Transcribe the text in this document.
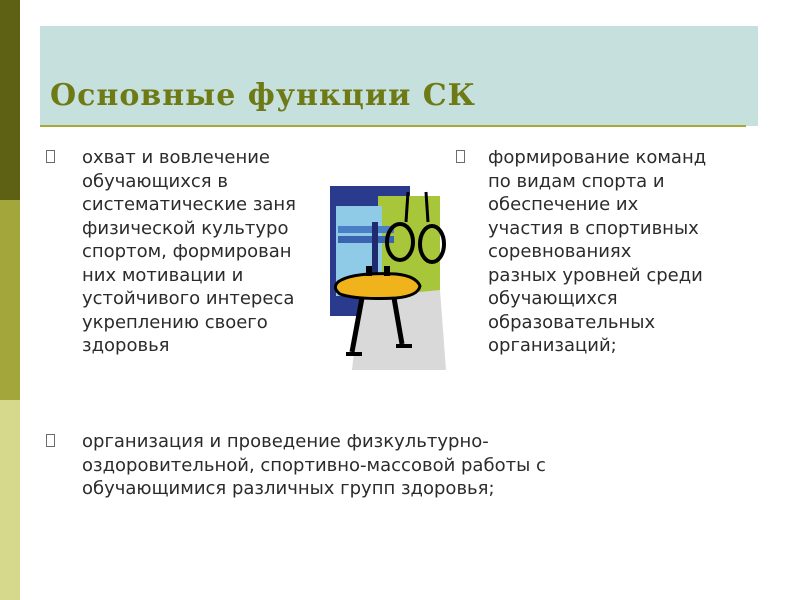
Основные функции СК

охват и вовлечение
обучающихся в
систематические заня
физической культуро
спортом, формирован
них мотивации и
устойчивого интереса
укреплению своего
здоровья

формирование команд
по видам спорта и
обеспечение их
участия в спортивных
соревнованиях
разных уровней среди
обучающихся
образовательных
организаций;

организация и проведение физкультурно-
оздоровительной, спортивно-массовой работы с
обучающимися различных групп здоровья;
